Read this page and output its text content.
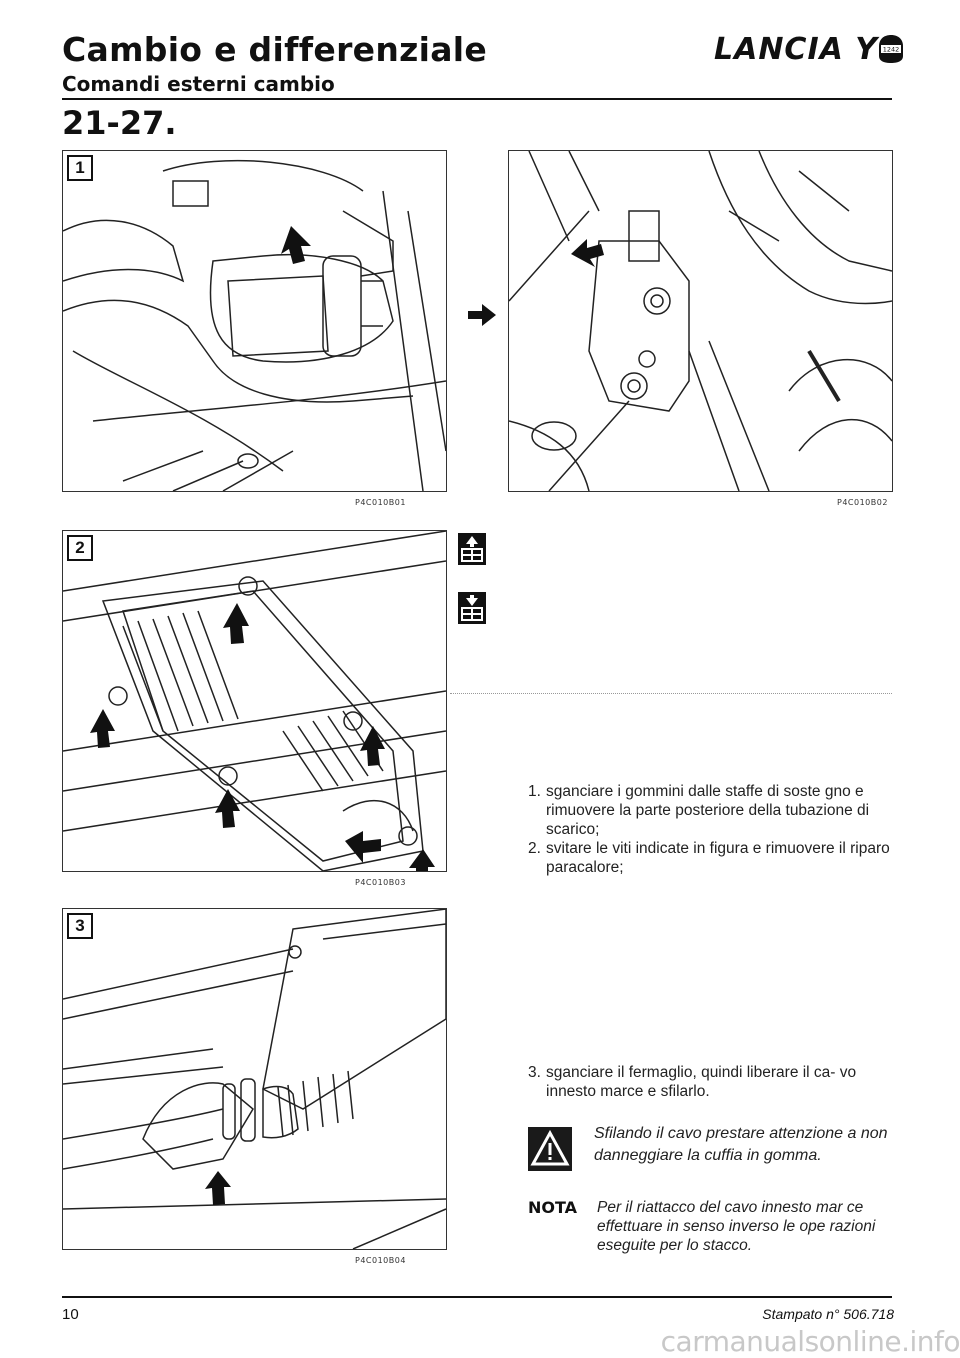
Cambio e differenziale
Comandi esterni cambio
LANCIA Y 1242
21-27.
1
P4C010B01	P4C010B02
2
P4C010B03
3
P4C010B04
1. sganciare i gommini dalle staffe di soste gno e rimuovere la parte posteriore della tubazione di scarico;
2. svitare le viti indicate in figura e rimuovere il riparo paracalore;
3. sganciare il fermaglio, quindi liberare il ca- vo innesto marce e sfilarlo.
Sfilando il cavo prestare attenzione a non danneggiare la cuffia in gomma.
NOTA Per il riattacco del cavo innesto mar ce effettuare in senso inverso le ope razioni eseguite per lo stacco.
10	Stampato n° 506.718
carmanualsonline.info
